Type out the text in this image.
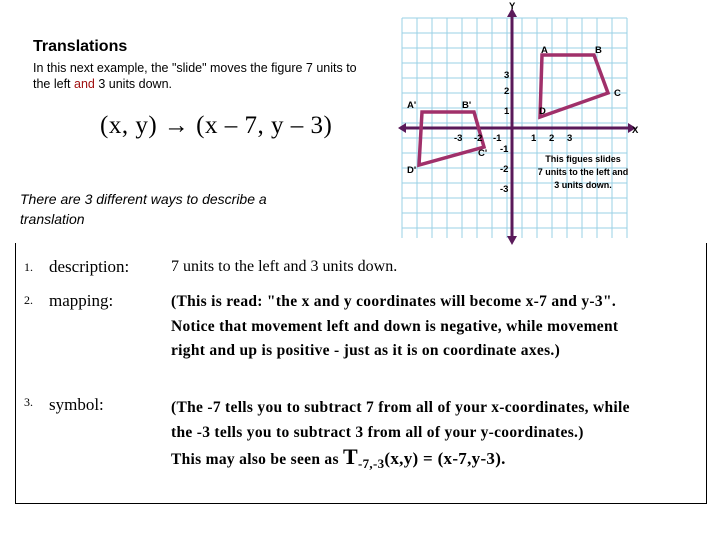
Translations
In this next example, the "slide" moves the figure 7 units to the left and 3 units down.
(x, y) → (x – 7, y – 3)
There are 3 different ways to describe a translation
Y
X
A	B
C
D
A'	B'
C'
D'
3
2
1
-1
-2
-3
1 2 3
-3 -2 -1
This figues slides
7 units to the left and
3 units down.
1. description:	7 units to the left and 3 units down.
2. mapping:	(This is read: "the x and y coordinates will become x-7 and y-3". Notice that movement left and down is negative, while movement right and up is positive - just as it is on coordinate axes.)
3. symbol:	(The -7 tells you to subtract 7 from all of your x-coordinates, while the -3 tells you to subtract 3 from all of your y-coordinates.)
This may also be seen as $T_{-7,-3}(x,y) = (x-7,y-3)$.
